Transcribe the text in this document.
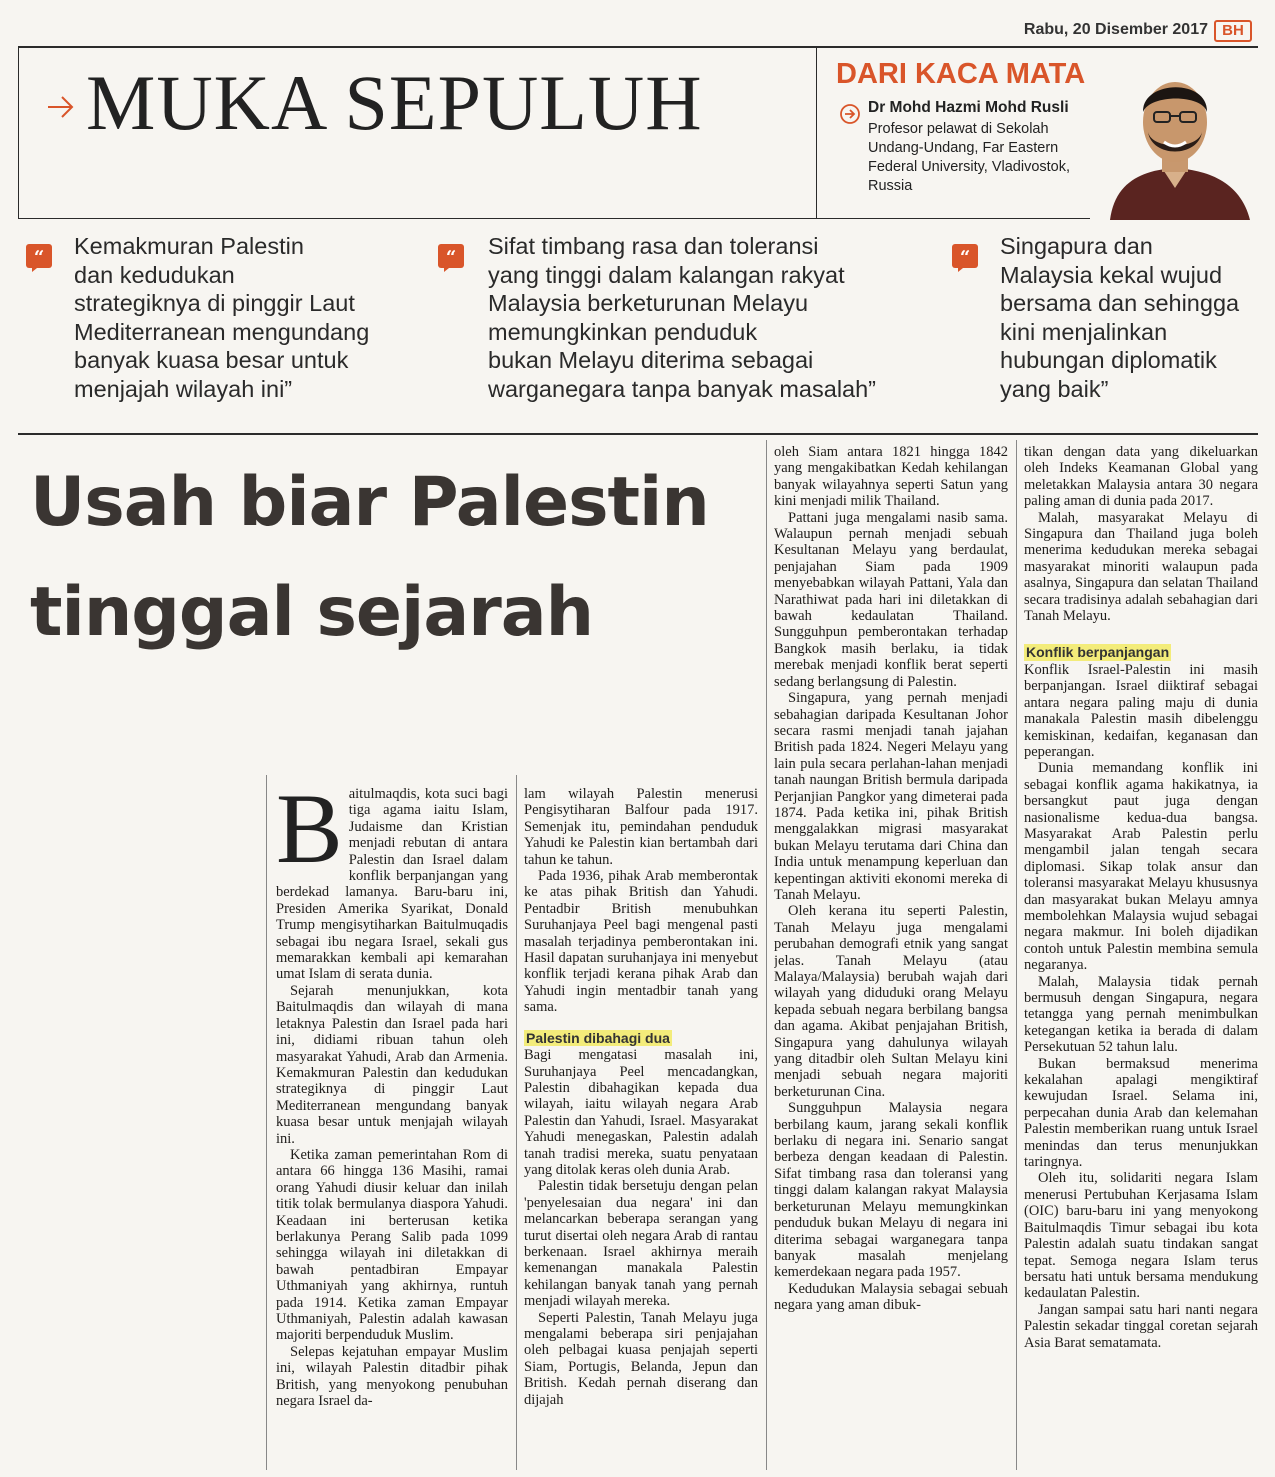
Rabu, 20 Disember 2017 BH
MUKA SEPULUH	DARI KACA MATA
Dr Mohd Hazmi Mohd Rusli
Profesor pelawat di Sekolah Undang-Undang, Far Eastern Federal University, Vladivostok, Russia
“ Kemakmuran Palestin
dan kedudukan
strategiknya di pinggir Laut
Mediterranean mengundang
banyak kuasa besar untuk
menjajah wilayah ini”
“ Sifat timbang rasa dan toleransi
yang tinggi dalam kalangan rakyat
Malaysia berketurunan Melayu
memungkinkan penduduk
bukan Melayu diterima sebagai
warganegara tanpa banyak masalah”
“ Singapura dan
Malaysia kekal wujud
bersama dan sehingga
kini menjalinkan
hubungan diplomatik
yang baik”
Usah biar Palestin
tinggal sejarah
B aitulmaqdis, kota suci bagi tiga agama iaitu Islam, Judaisme dan Kristian menjadi rebutan di antara Palestin dan Israel dalam konflik berpanjangan yang berdekad lamanya. Baru-baru ini, Presiden Amerika Syarikat, Donald Trump mengisytiharkan Baitulmuqadis sebagai ibu negara Israel, sekali gus memarakkan kembali api kemarahan umat Islam di serata dunia.

Sejarah menunjukkan, kota Baitulmaqdis dan wilayah di mana letaknya Palestin dan Israel pada hari ini, didiami ribuan tahun oleh masyarakat Yahudi, Arab dan Armenia. Kemakmuran Palestin dan kedudukan strategiknya di pinggir Laut Mediterranean mengundang banyak kuasa besar untuk menjajah wilayah ini.

Ketika zaman pemerintahan Rom di antara 66 hingga 136 Masihi, ramai orang Yahudi diusir keluar dan inilah titik tolak bermulanya diaspora Yahudi. Keadaan ini berterusan ketika berlakunya Perang Salib pada 1099 sehingga wilayah ini diletakkan di bawah pentadbiran Empayar Uthmaniyah yang akhirnya, runtuh pada 1914. Ketika zaman Empayar Uthmaniyah, Palestin adalah kawasan majoriti berpenduduk Muslim.

Selepas kejatuhan empayar Muslim ini, wilayah Palestin ditadbir pihak British, yang menyokong penubuhan negara Israel da-

lam wilayah Palestin menerusi Pengisytiharan Balfour pada 1917. Semenjak itu, pemindahan penduduk Yahudi ke Palestin kian bertambah dari tahun ke tahun.

Pada 1936, pihak Arab memberontak ke atas pihak British dan Yahudi. Pentadbir British menubuhkan Suruhanjaya Peel bagi mengenal pasti masalah terjadinya pemberontakan ini. Hasil dapatan suruhanjaya ini menyebut konflik terjadi kerana pihak Arab dan Yahudi ingin mentadbir tanah yang sama.

Palestin dibahagi dua

Bagi mengatasi masalah ini, Suruhanjaya Peel mencadangkan, Palestin dibahagikan kepada dua wilayah, iaitu wilayah negara Arab Palestin dan Yahudi, Israel. Masyarakat Yahudi menegaskan, Palestin adalah tanah tradisi mereka, suatu penyataan yang ditolak keras oleh dunia Arab.

Palestin tidak bersetuju dengan pelan 'penyelesaian dua negara' ini dan melancarkan beberapa serangan yang turut disertai oleh negara Arab di rantau berkenaan. Israel akhirnya meraih kemenangan manakala Palestin kehilangan banyak tanah yang pernah menjadi wilayah mereka.

Seperti Palestin, Tanah Melayu juga mengalami beberapa siri penjajahan oleh pelbagai kuasa penjajah seperti Siam, Portugis, Belanda, Jepun dan British. Kedah pernah diserang dan dijajah

oleh Siam antara 1821 hingga 1842 yang mengakibatkan Kedah kehilangan banyak wilayahnya seperti Satun yang kini menjadi milik Thailand.

Pattani juga mengalami nasib sama. Walaupun pernah menjadi sebuah Kesultanan Melayu yang berdaulat, penjajahan Siam pada 1909 menyebabkan wilayah Pattani, Yala dan Narathiwat pada hari ini diletakkan di bawah kedaulatan Thailand. Sungguhpun pemberontakan terhadap Bangkok masih berlaku, ia tidak merebak menjadi konflik berat seperti sedang berlangsung di Palestin.

Singapura, yang pernah menjadi sebahagian daripada Kesultanan Johor secara rasmi menjadi tanah jajahan British pada 1824. Negeri Melayu yang lain pula secara perlahan-lahan menjadi tanah naungan British bermula daripada Perjanjian Pangkor yang dimeterai pada 1874. Pada ketika ini, pihak British menggalakkan migrasi masyarakat bukan Melayu terutama dari China dan India untuk menampung keperluan dan kepentingan aktiviti ekonomi mereka di Tanah Melayu.

Oleh kerana itu seperti Palestin, Tanah Melayu juga mengalami perubahan demografi etnik yang sangat jelas. Tanah Melayu (atau Malaya/Malaysia) berubah wajah dari wilayah yang diduduki orang Melayu kepada sebuah negara berbilang bangsa dan agama. Akibat penjajahan British, Singapura yang dahulunya wilayah yang ditadbir oleh Sultan Melayu kini menjadi sebuah negara majoriti berketurunan Cina.

Sungguhpun Malaysia negara berbilang kaum, jarang sekali konflik berlaku di negara ini. Senario sangat berbeza dengan keadaan di Palestin. Sifat timbang rasa dan toleransi yang tinggi dalam kalangan rakyat Malaysia berketurunan Melayu memungkinkan penduduk bukan Melayu di negara ini diterima sebagai warganegara tanpa banyak masalah menjelang kemerdekaan negara pada 1957.

Kedudukan Malaysia sebagai sebuah negara yang aman dibuk-

tikan dengan data yang dikeluarkan oleh Indeks Keamanan Global yang meletakkan Malaysia antara 30 negara paling aman di dunia pada 2017.

Malah, masyarakat Melayu di Singapura dan Thailand juga boleh menerima kedudukan mereka sebagai masyarakat minoriti walaupun pada asalnya, Singapura dan selatan Thailand secara tradisinya adalah sebahagian dari Tanah Melayu.

Konflik berpanjangan

Konflik Israel-Palestin ini masih berpanjangan. Israel diiktiraf sebagai antara negara paling maju di dunia manakala Palestin masih dibelenggu kemiskinan, kedaifan, keganasan dan peperangan.

Dunia memandang konflik ini sebagai konflik agama hakikatnya, ia bersangkut paut juga dengan nasionalisme kedua-dua bangsa. Masyarakat Arab Palestin perlu mengambil jalan tengah secara diplomasi. Sikap tolak ansur dan toleransi masyarakat Melayu khususnya dan masyarakat bukan Melayu amnya membolehkan Malaysia wujud sebagai negara makmur. Ini boleh dijadikan contoh untuk Palestin membina semula negaranya.

Malah, Malaysia tidak pernah bermusuh dengan Singapura, negara tetangga yang pernah menimbulkan ketegangan ketika ia berada di dalam Persekutuan 52 tahun lalu.

Bukan bermaksud menerima kekalahan apalagi mengiktiraf kewujudan Israel. Selama ini, perpecahan dunia Arab dan kelemahan Palestin memberikan ruang untuk Israel menindas dan terus menunjukkan taringnya.

Oleh itu, solidariti negara Islam menerusi Pertubuhan Kerjasama Islam (OIC) baru-baru ini yang menyokong Baitulmaqdis Timur sebagai ibu kota Palestin adalah suatu tindakan sangat tepat. Semoga negara Islam terus bersatu hati untuk bersama mendukung kedaulatan Palestin.

Jangan sampai satu hari nanti negara Palestin sekadar tinggal coretan sejarah Asia Barat sematamata.
